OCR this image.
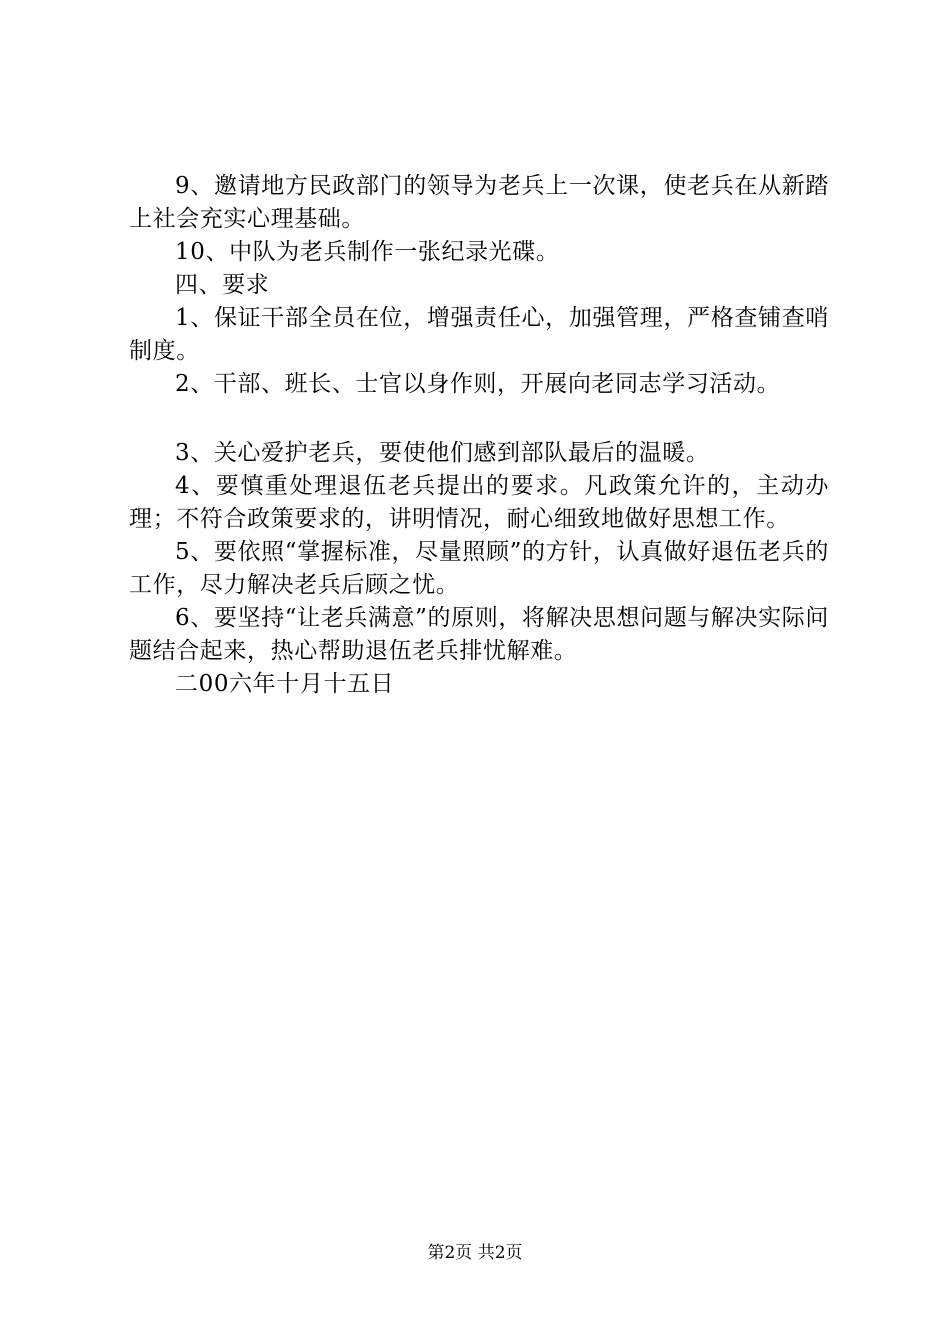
9、邀请地方民政部门的领导为老兵上一次课，使老兵在从新踏上社会充实心理基础。

10、中队为老兵制作一张纪录光碟。

四、要求

1、保证干部全员在位，增强责任心，加强管理，严格查铺查哨制度。

2、干部、班长、士官以身作则，开展向老同志学习活动。

3、关心爱护老兵，要使他们感到部队最后的温暖。

4、要慎重处理退伍老兵提出的要求。凡政策允许的，主动办理；不符合政策要求的，讲明情况，耐心细致地做好思想工作。

5、要依照“掌握标准，尽量照顾”的方针，认真做好退伍老兵的工作，尽力解决老兵后顾之忧。

6、要坚持“让老兵满意”的原则，将解决思想问题与解决实际问题结合起来，热心帮助退伍老兵排忧解难。

二00六年十月十五日

第2页 共2页
